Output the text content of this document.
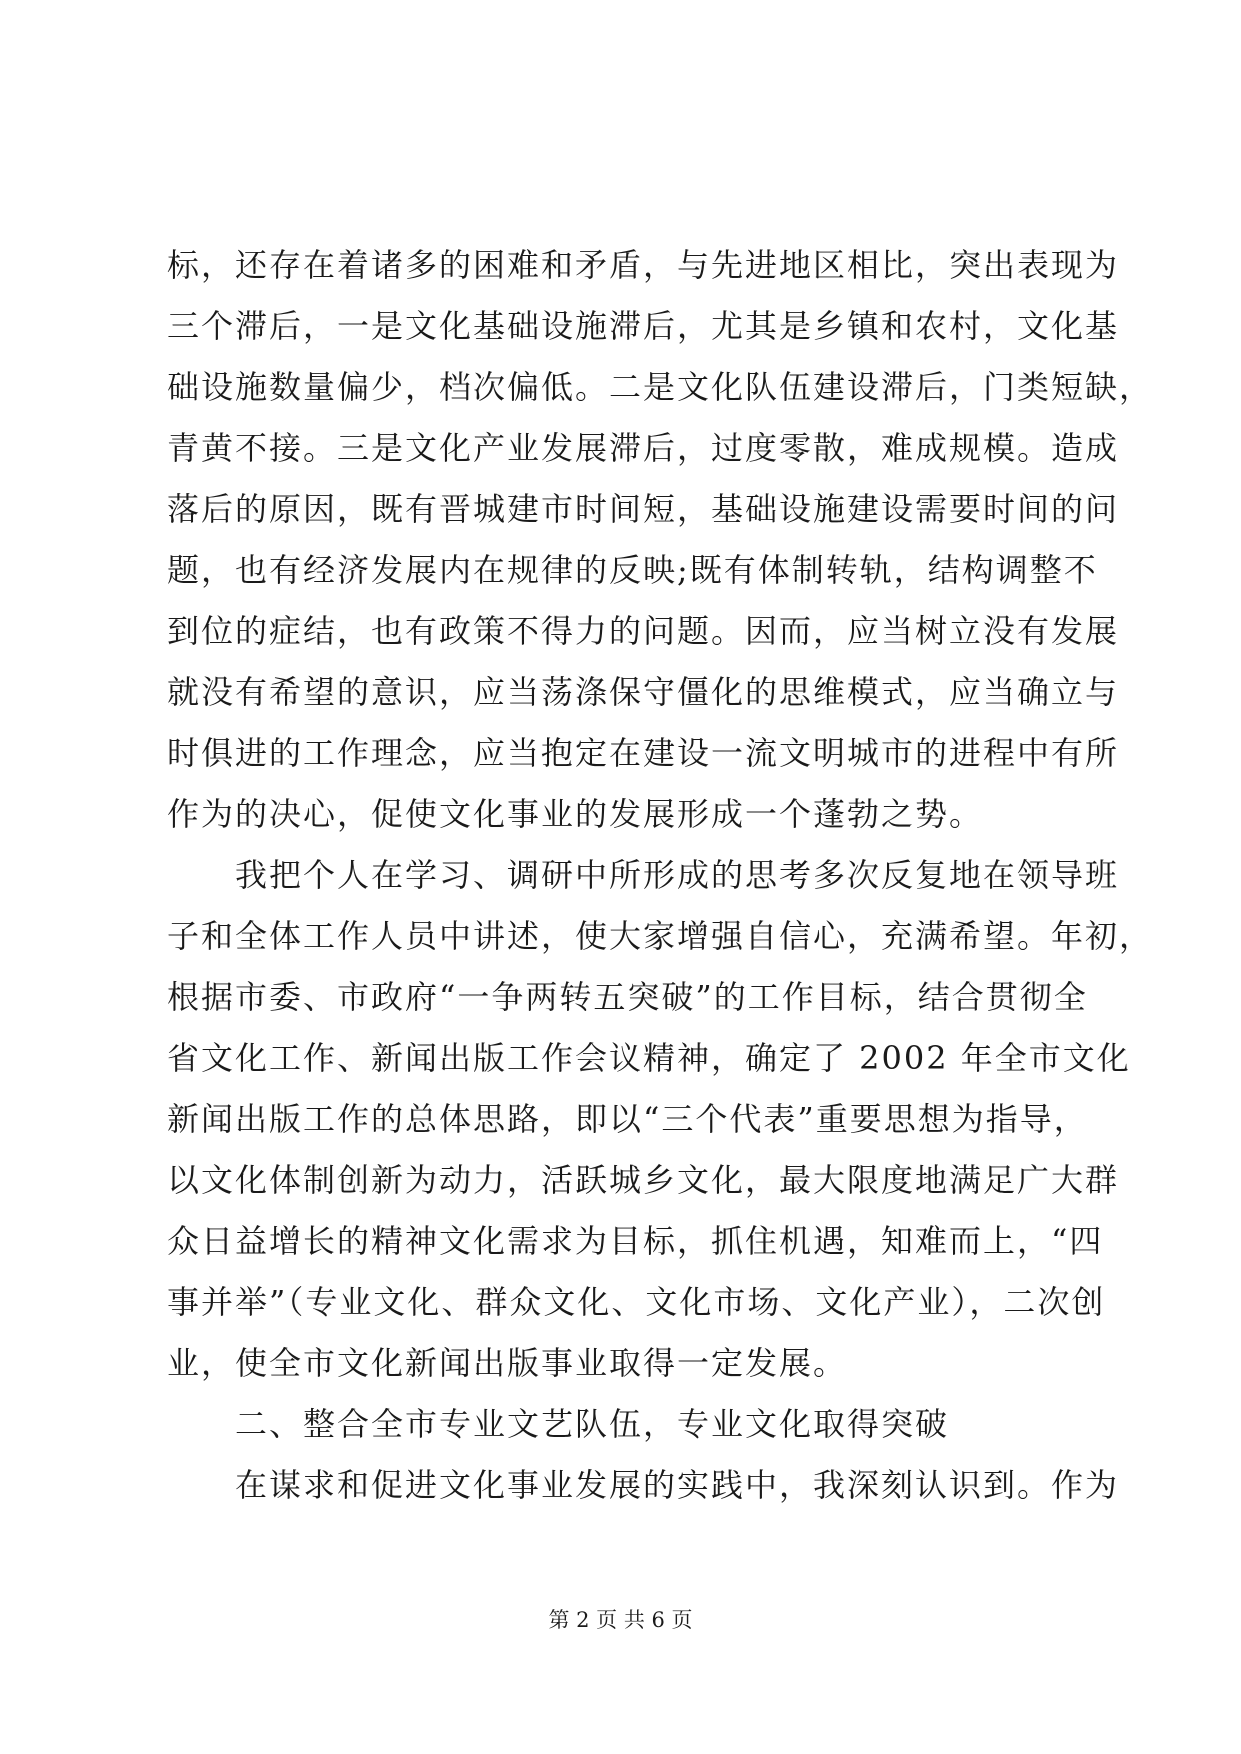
标，还存在着诸多的困难和矛盾，与先进地区相比，突出表现为
三个滞后，一是文化基础设施滞后，尤其是乡镇和农村，文化基
础设施数量偏少，档次偏低。二是文化队伍建设滞后，门类短缺，
青黄不接。三是文化产业发展滞后，过度零散，难成规模。造成
落后的原因，既有晋城建市时间短，基础设施建设需要时间的问
题，也有经济发展内在规律的反映;既有体制转轨，结构调整不
到位的症结，也有政策不得力的问题。因而，应当树立没有发展
就没有希望的意识，应当荡涤保守僵化的思维模式，应当确立与
时俱进的工作理念，应当抱定在建设一流文明城市的进程中有所
作为的决心，促使文化事业的发展形成一个蓬勃之势。
　　我把个人在学习、调研中所形成的思考多次反复地在领导班
子和全体工作人员中讲述，使大家增强自信心，充满希望。年初，
根据市委、市政府“一争两转五突破”的工作目标，结合贯彻全
省文化工作、新闻出版工作会议精神，确定了 2002 年全市文化
新闻出版工作的总体思路，即以“三个代表”重要思想为指导，
以文化体制创新为动力，活跃城乡文化，最大限度地满足广大群
众日益增长的精神文化需求为目标，抓住机遇，知难而上，“四
事并举”（专业文化、群众文化、文化市场、文化产业），二次创
业，使全市文化新闻出版事业取得一定发展。
　　二、整合全市专业文艺队伍，专业文化取得突破
　　在谋求和促进文化事业发展的实践中，我深刻认识到。作为
第 2 页 共 6 页
